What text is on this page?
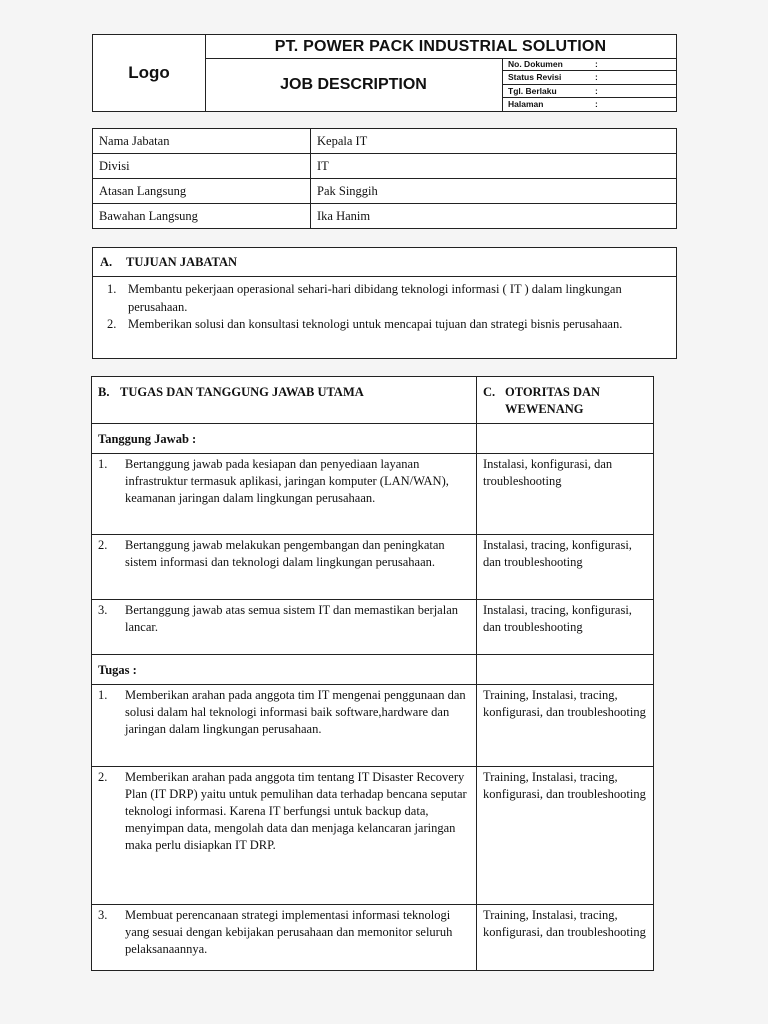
Logo
PT. POWER PACK INDUSTRIAL SOLUTION
JOB DESCRIPTION
No. Dokumen	:
Status Revisi	:
Tgl. Berlaku	:
Halaman	:
Nama Jabatan	Kepala IT
Divisi	IT
Atasan Langsung	Pak Singgih
Bawahan Langsung	Ika Hanim
A. TUJUAN JABATAN
1. Membantu pekerjaan operasional sehari-hari dibidang teknologi informasi ( IT ) dalam lingkungan perusahaan.
2. Memberikan solusi dan konsultasi teknologi untuk mencapai tujuan dan strategi bisnis perusahaan.
B. TUGAS DAN TANGGUNG JAWAB UTAMA	C. OTORITAS DAN WEWENANG

Tanggung Jawab :	

1. Bertanggung jawab pada kesiapan dan penyediaan layanan infrastruktur termasuk aplikasi, jaringan komputer (LAN/WAN), keamanan jaringan dalam lingkungan perusahaan.	Instalasi, konfigurasi, dan troubleshooting

2. Bertanggung jawab melakukan pengembangan dan peningkatan sistem informasi dan teknologi dalam lingkungan perusahaan.	Instalasi, tracing, konfigurasi, dan troubleshooting

3. Bertanggung jawab atas semua sistem IT dan memastikan berjalan lancar.	Instalasi, tracing, konfigurasi, dan troubleshooting
Tugas :	

1. Memberikan arahan pada anggota tim IT mengenai penggunaan dan solusi dalam hal teknologi informasi baik software,hardware dan jaringan dalam lingkungan perusahaan.	Training, Instalasi, tracing, konfigurasi, dan troubleshooting

2. Memberikan arahan pada anggota tim tentang IT Disaster Recovery Plan (IT DRP) yaitu untuk pemulihan data terhadap bencana seputar teknologi informasi. Karena IT berfungsi untuk backup data, menyimpan data, mengolah data dan menjaga kelancaran jaringan maka perlu disiapkan IT DRP.	Training, Instalasi, tracing, konfigurasi, dan troubleshooting

3. Membuat perencanaan strategi implementasi informasi teknologi yang sesuai dengan kebijakan perusahaan dan memonitor seluruh pelaksanaannya.	Training, Instalasi, tracing, konfigurasi, dan troubleshooting
